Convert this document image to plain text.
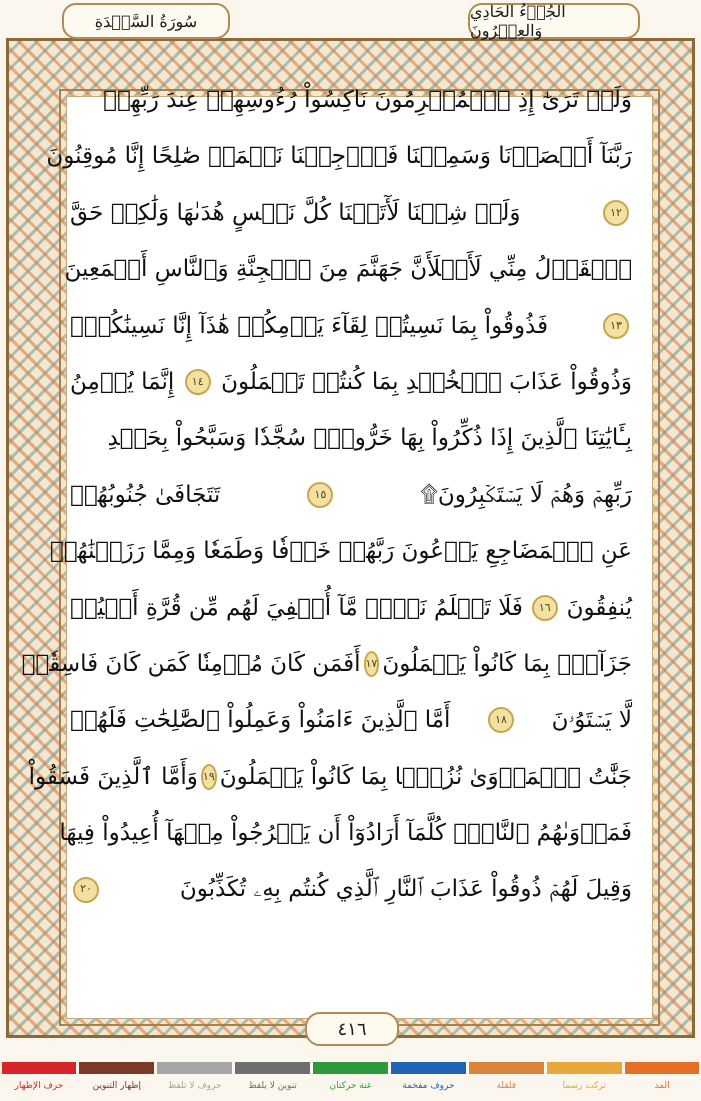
سُورَةُ السَّجۡدَةِ	الجُزۡءُ الحَادِي وَالعِشۡرُونَ
وَلَوۡ تَرَىٰٓ إِذِ ٱلۡمُجۡرِمُونَ نَاكِسُواْ رُءُوسِهِمۡ عِندَ رَبِّهِمۡ
رَبَّنَآ أَبۡصَرۡنَا وَسَمِعۡنَا فَٱرۡجِعۡنَا نَعۡمَلۡ صَٰلِحًا إِنَّا مُوقِنُونَ
١٢
وَلَوۡ شِئۡنَا لَأٓتَيۡنَا كُلَّ نَفۡسٍ هُدَىٰهَا وَلَٰكِنۡ حَقَّ
ٱلۡقَوۡلُ مِنِّي لَأَمۡلَأَنَّ جَهَنَّمَ مِنَ ٱلۡجِنَّةِ وَٱلنَّاسِ أَجۡمَعِينَ
١٣
فَذُوقُواْ بِمَا نَسِيتُمۡ لِقَآءَ يَوۡمِكُمۡ هَٰذَآ إِنَّا نَسِينَٰكُمۡۖ
وَذُوقُواْ عَذَابَ ٱلۡخُلۡدِ بِمَا كُنتُمۡ تَعۡمَلُونَ
١٤
إِنَّمَا يُؤۡمِنُ
بِـَٔايَٰتِنَا ٱلَّذِينَ إِذَا ذُكِّرُواْ بِهَا خَرُّواْۤ سُجَّدٗا وَسَبَّحُواْ بِحَمۡدِ
رَبِّهِمۡ وَهُمۡ لَا يَسۡتَكۡبِرُونَ۩
١٥
تَتَجَافَىٰ جُنُوبُهُمۡ
عَنِ ٱلۡمَضَاجِعِ يَدۡعُونَ رَبَّهُمۡ خَوۡفٗا وَطَمَعٗا وَمِمَّا رَزَقۡنَٰهُمۡ
يُنفِقُونَ
١٦
فَلَا تَعۡلَمُ نَفۡسٞ مَّآ أُخۡفِيَ لَهُم مِّن قُرَّةِ أَعۡيُنٖ
جَزَآءَۢ بِمَا كَانُواْ يَعۡمَلُونَ
١٧
أَفَمَن كَانَ مُؤۡمِنٗا كَمَن كَانَ فَاسِقٗاۚ
لَّا يَسۡتَوُۥنَ
١٨
أَمَّا ٱلَّذِينَ ءَامَنُواْ وَعَمِلُواْ ٱلصَّٰلِحَٰتِ فَلَهُمۡ
جَنَّٰتُ ٱلۡمَأۡوَىٰ نُزُلَۢا بِمَا كَانُواْ يَعۡمَلُونَ
١٩
وَأَمَّا ٱلَّذِينَ فَسَقُواْ
فَمَأۡوَىٰهُمُ ٱلنَّارُۖ كُلَّمَآ أَرَادُوٓاْ أَن يَخۡرُجُواْ مِنۡهَآ أُعِيدُواْ فِيهَا
وَقِيلَ لَهُمۡ ذُوقُواْ عَذَابَ ٱلنَّارِ ٱلَّذِي كُنتُم بِهِۦ تُكَذِّبُونَ
٢٠
٤١٦
المد
تركت رسما
قلقلة
حروف مفخمة
غنة حركتان
تنوين لا يلفظ
حروف لا تلفظ
إظهار التنوين
حرف الإظهار
